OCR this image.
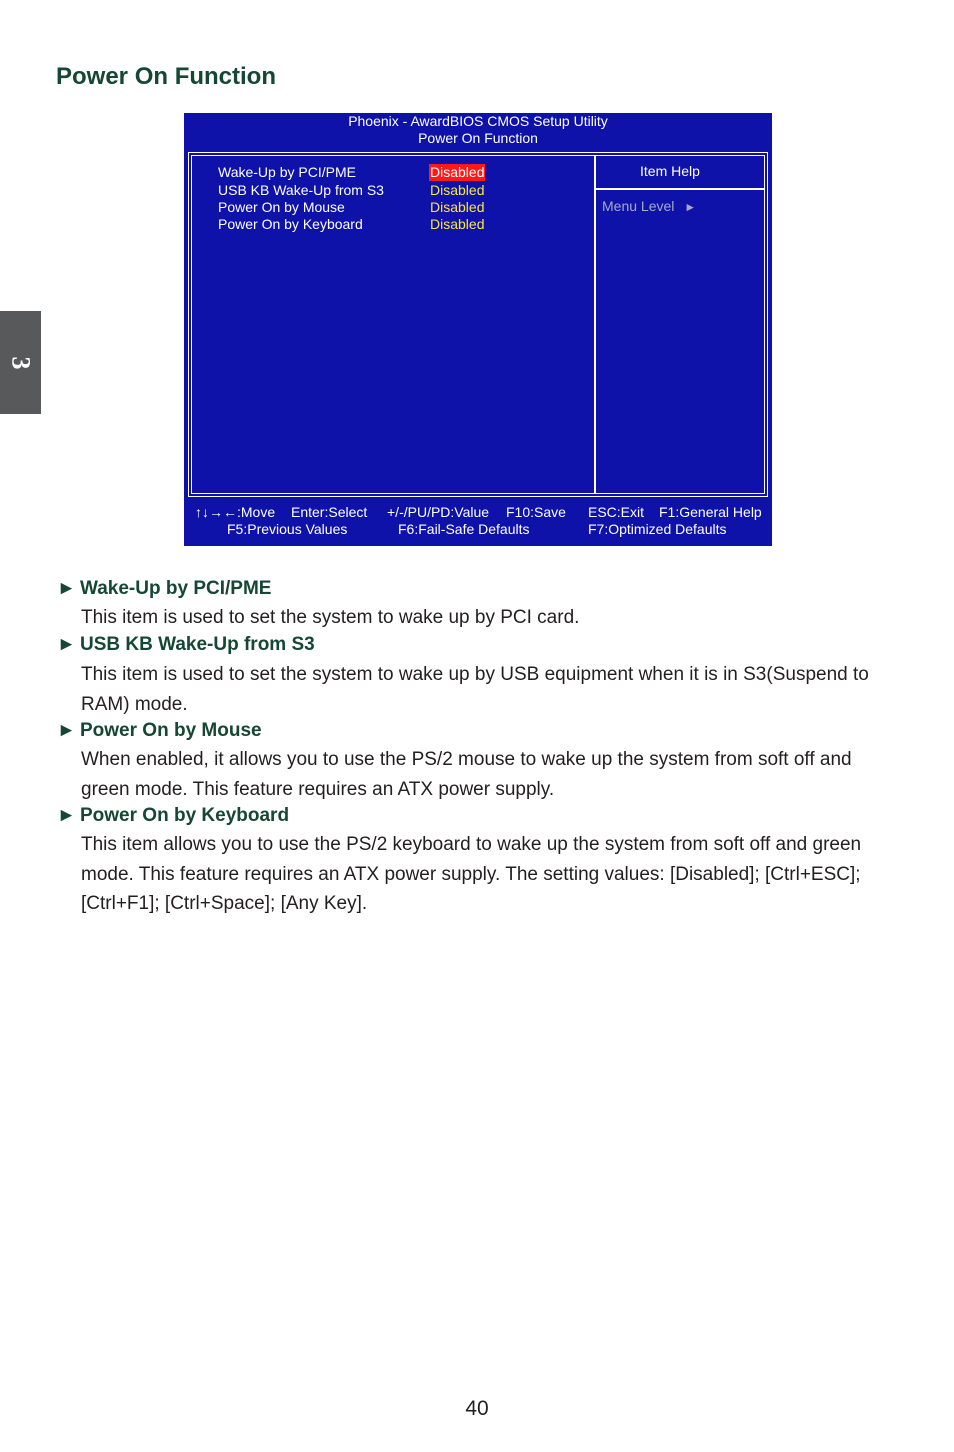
3
Power On Function
Phoenix - AwardBIOS CMOS Setup Utility
Power On Function
Wake-Up by PCI/PME	Disabled
USB KB Wake-Up from S3	Disabled
Power On by Mouse	Disabled
Power On by Keyboard	Disabled
Item Help
Menu Level ►
↑↓→←:Move Enter:Select +/-/PU/PD:Value F10:Save ESC:Exit F1:General Help
F5:Previous Values	F6:Fail-Safe Defaults	F7:Optimized Defaults
► Wake-Up by PCI/PME

This item is used to set the system to wake up by PCI card.

► USB KB Wake-Up from S3

This item is used to set the system to wake up by USB equipment when it is in S3(Suspend to RAM) mode.

► Power On by Mouse

When enabled, it allows you to use the PS/2 mouse to wake up the system from soft off and green mode. This feature requires an ATX power supply.

► Power On by Keyboard

This item allows you to use the PS/2 keyboard to wake up the system from soft off and green mode. This feature requires an ATX power supply. The setting values: [Disabled]; [Ctrl+ESC]; [Ctrl+F1]; [Ctrl+Space]; [Any Key].

40
